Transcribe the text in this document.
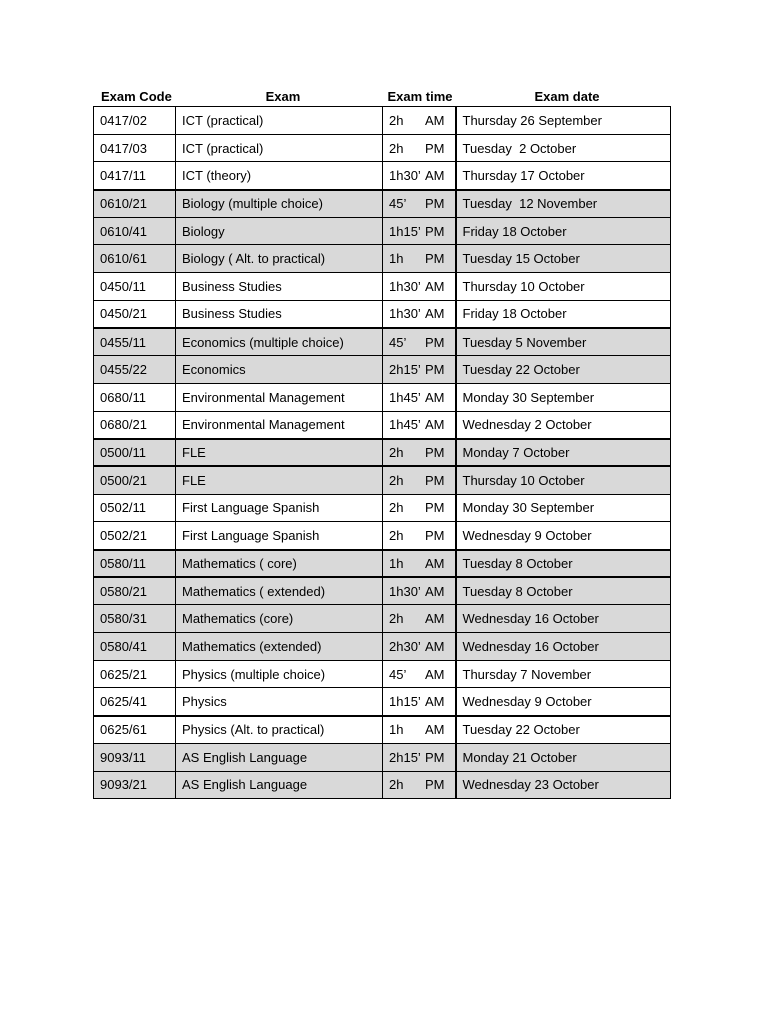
Exam Code	Exam	Exam time	Exam date
0417/02	ICT (practical)	2h AM	Thursday 26 September
0417/03	ICT (practical)	2h PM	Tuesday  2 October
0417/11	ICT (theory)	1h30’ AM	Thursday 17 October
0610/21	Biology (multiple choice)	45’ PM	Tuesday  12 November
0610/41	Biology	1h15’ PM	Friday 18 October
0610/61	Biology ( Alt. to practical)	1h PM	Tuesday 15 October
0450/11	Business Studies	1h30’ AM	Thursday 10 October
0450/21	Business Studies	1h30’ AM	Friday 18 October
0455/11	Economics (multiple choice)	45’ PM	Tuesday 5 November
0455/22	Economics	2h15’ PM	Tuesday 22 October
0680/11	Environmental Management	1h45’ AM	Monday 30 September
0680/21	Environmental Management	1h45’ AM	Wednesday 2 October
0500/11	FLE	2h PM	Monday 7 October
0500/21	FLE	2h PM	Thursday 10 October
0502/11	First Language Spanish	2h PM	Monday 30 September
0502/21	First Language Spanish	2h PM	Wednesday 9 October
0580/11	Mathematics ( core)	1h AM	Tuesday 8 October
0580/21	Mathematics ( extended)	1h30’ AM	Tuesday 8 October
0580/31	Mathematics (core)	2h AM	Wednesday 16 October
0580/41	Mathematics (extended)	2h30’ AM	Wednesday 16 October
0625/21	Physics (multiple choice)	45’ AM	Thursday 7 November
0625/41	Physics	1h15’ AM	Wednesday 9 October
0625/61	Physics (Alt. to practical)	1h AM	Tuesday 22 October
9093/11	AS English Language	2h15’ PM	Monday 21 October
9093/21	AS English Language	2h PM	Wednesday 23 October
